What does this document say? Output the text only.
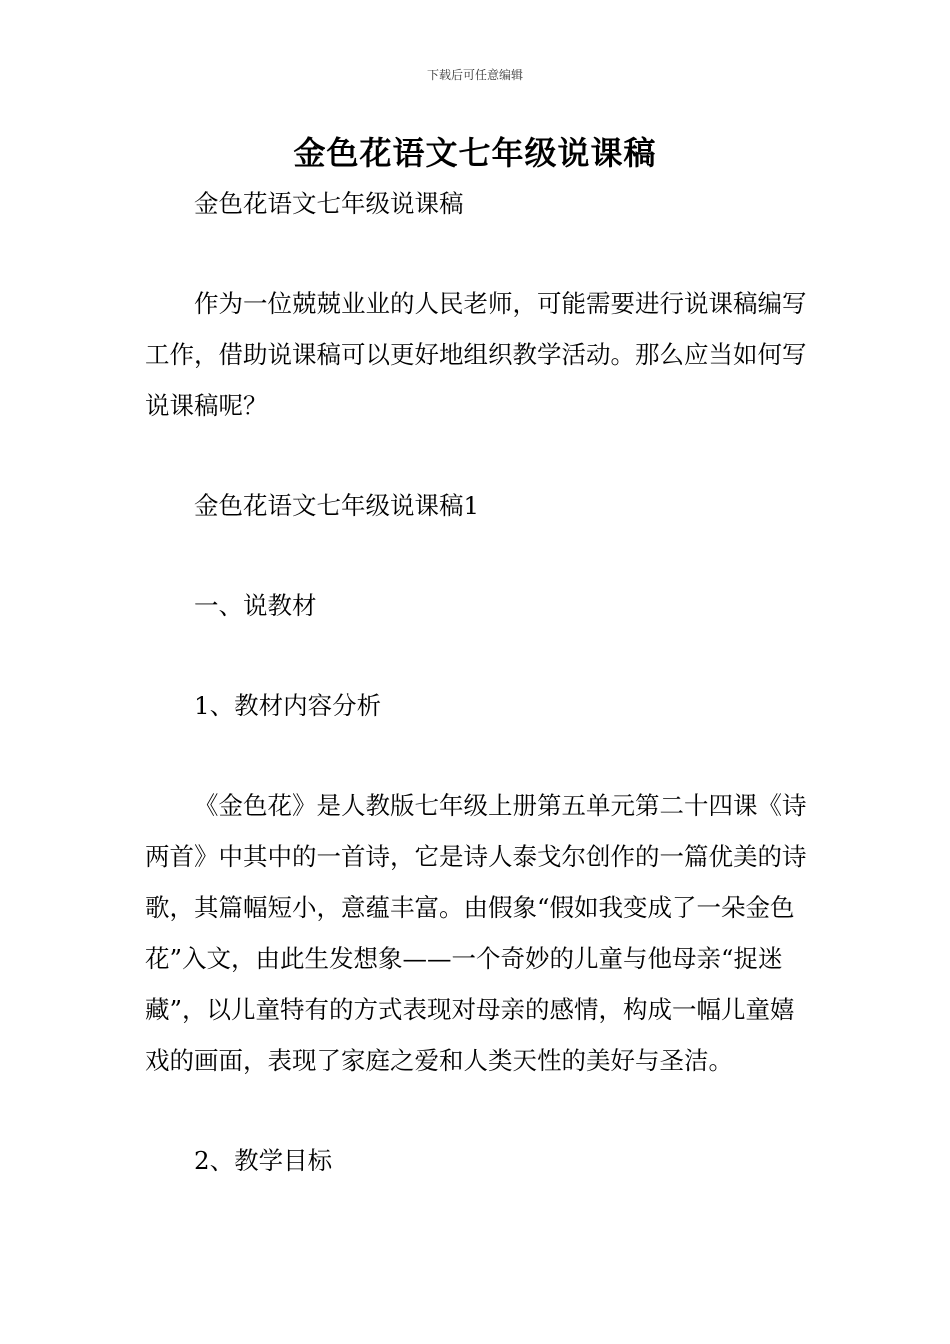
下载后可任意编辑
金色花语文七年级说课稿

金色花语文七年级说课稿

作为一位兢兢业业的人民老师，可能需要进行说课稿编写工作，借助说课稿可以更好地组织教学活动。那么应当如何写说课稿呢？

金色花语文七年级说课稿1

一、说教材

1、教材内容分析

《金色花》是人教版七年级上册第五单元第二十四课《诗两首》中其中的一首诗，它是诗人泰戈尔创作的一篇优美的诗歌，其篇幅短小，意蕴丰富。由假象“假如我变成了一朵金色花”入文，由此生发想象——一个奇妙的儿童与他母亲“捉迷藏”，以儿童特有的方式表现对母亲的感情，构成一幅儿童嬉戏的画面，表现了家庭之爱和人类天性的美好与圣洁。

2、教学目标
